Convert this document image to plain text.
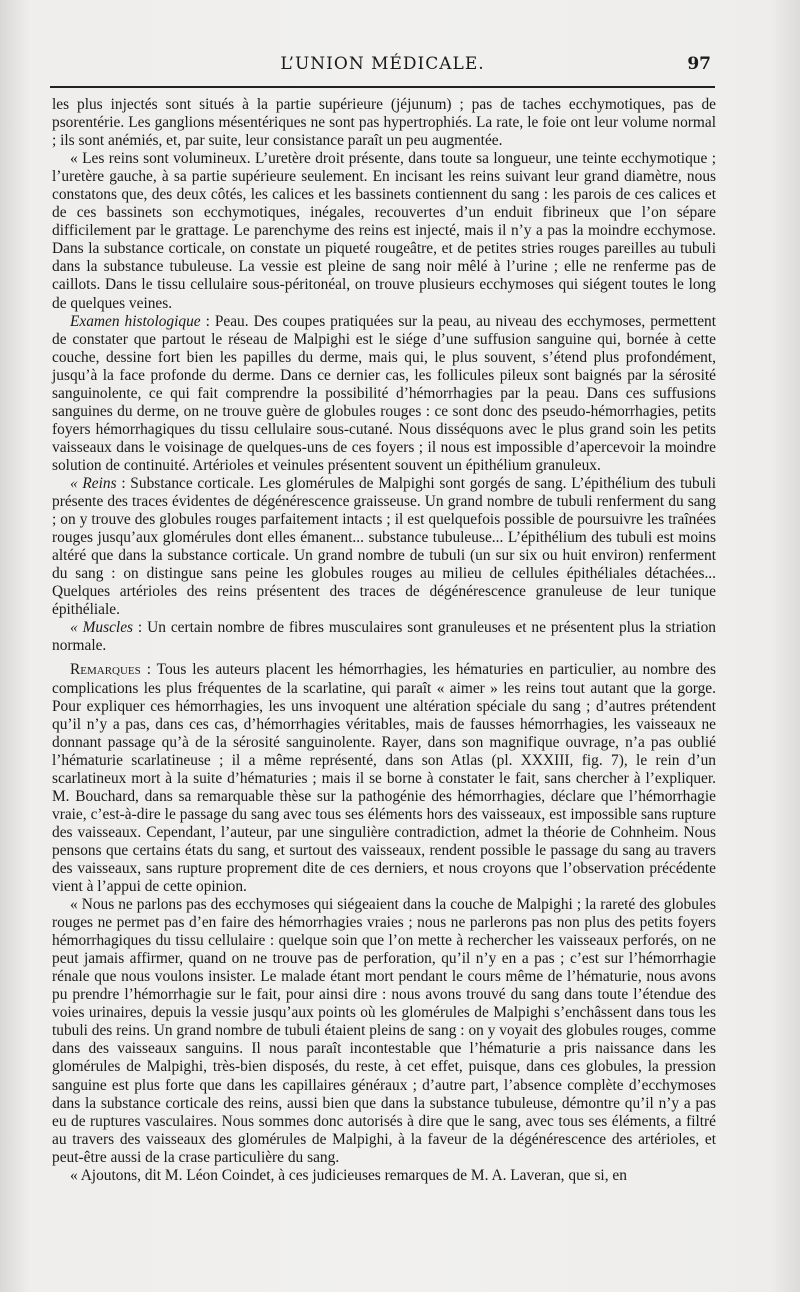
L’UNION MÉDICALE.	97

les plus injectés sont situés à la partie supérieure (jéjunum) ; pas de taches ecchymotiques, pas de psorentérie. Les ganglions mésentériques ne sont pas hypertrophiés. La rate, le foie ont leur volume normal ; ils sont anémiés, et, par suite, leur consistance paraît un peu augmentée.

« Les reins sont volumineux. L’uretère droit présente, dans toute sa longueur, une teinte ecchymotique ; l’uretère gauche, à sa partie supérieure seulement. En incisant les reins suivant leur grand diamètre, nous constatons que, des deux côtés, les calices et les bassinets contiennent du sang : les parois de ces calices et de ces bassinets son ecchymotiques, inégales, recouvertes d’un enduit fibrineux que l’on sépare difficilement par le grattage. Le parenchyme des reins est injecté, mais il n’y a pas la moindre ecchymose. Dans la substance corticale, on constate un piqueté rougeâtre, et de petites stries rouges pareilles au tubuli dans la substance tubuleuse. La vessie est pleine de sang noir mêlé à l’urine ; elle ne renferme pas de caillots. Dans le tissu cellulaire sous-péritonéal, on trouve plusieurs ecchymoses qui siégent toutes le long de quelques veines.

Examen histologique : Peau. Des coupes pratiquées sur la peau, au niveau des ecchymoses, permettent de constater que partout le réseau de Malpighi est le siége d’une suffusion sanguine qui, bornée à cette couche, dessine fort bien les papilles du derme, mais qui, le plus souvent, s’étend plus profondément, jusqu’à la face profonde du derme. Dans ce dernier cas, les follicules pileux sont baignés par la sérosité sanguinolente, ce qui fait comprendre la possibilité d’hémorrhagies par la peau. Dans ces suffusions sanguines du derme, on ne trouve guère de globules rouges : ce sont donc des pseudo-hémorrhagies, petits foyers hémorrhagiques du tissu cellulaire sous-cutané. Nous disséquons avec le plus grand soin les petits vaisseaux dans le voisinage de quelques-uns de ces foyers ; il nous est impossible d’apercevoir la moindre solution de continuité. Artérioles et veinules présentent souvent un épithélium granuleux.

« Reins : Substance corticale. Les glomérules de Malpighi sont gorgés de sang. L’épithélium des tubuli présente des traces évidentes de dégénérescence graisseuse. Un grand nombre de tubuli renferment du sang ; on y trouve des globules rouges parfaitement intacts ; il est quelquefois possible de poursuivre les traînées rouges jusqu’aux glomérules dont elles émanent... substance tubuleuse... L’épithélium des tubuli est moins altéré que dans la substance corticale. Un grand nombre de tubuli (un sur six ou huit environ) renferment du sang : on distingue sans peine les globules rouges au milieu de cellules épithéliales détachées... Quelques artérioles des reins présentent des traces de dégénérescence granuleuse de leur tunique épithéliale.

« Muscles : Un certain nombre de fibres musculaires sont granuleuses et ne présentent plus la striation normale.

Remarques : Tous les auteurs placent les hémorrhagies, les hématuries en particulier, au nombre des complications les plus fréquentes de la scarlatine, qui paraît « aimer » les reins tout autant que la gorge. Pour expliquer ces hémorrhagies, les uns invoquent une altération spéciale du sang ; d’autres prétendent qu’il n’y a pas, dans ces cas, d’hémorrhagies véritables, mais de fausses hémorrhagies, les vaisseaux ne donnant passage qu’à de la sérosité sanguinolente. Rayer, dans son magnifique ouvrage, n’a pas oublié l’hématurie scarlatineuse ; il a même représenté, dans son Atlas (pl. XXXIII, fig. 7), le rein d’un scarlatineux mort à la suite d’hématuries ; mais il se borne à constater le fait, sans chercher à l’expliquer. M. Bouchard, dans sa remarquable thèse sur la pathogénie des hémorrhagies, déclare que l’hémorrhagie vraie, c’est-à-dire le passage du sang avec tous ses éléments hors des vaisseaux, est impossible sans rupture des vaisseaux. Cependant, l’auteur, par une singulière contradiction, admet la théorie de Cohnheim. Nous pensons que certains états du sang, et surtout des vaisseaux, rendent possible le passage du sang au travers des vaisseaux, sans rupture proprement dite de ces derniers, et nous croyons que l’observation précédente vient à l’appui de cette opinion.

« Nous ne parlons pas des ecchymoses qui siégeaient dans la couche de Malpighi ; la rareté des globules rouges ne permet pas d’en faire des hémorrhagies vraies ; nous ne parlerons pas non plus des petits foyers hémorrhagiques du tissu cellulaire : quelque soin que l’on mette à rechercher les vaisseaux perforés, on ne peut jamais affirmer, quand on ne trouve pas de perforation, qu’il n’y en a pas ; c’est sur l’hémorrhagie rénale que nous voulons insister. Le malade étant mort pendant le cours même de l’hématurie, nous avons pu prendre l’hémorrhagie sur le fait, pour ainsi dire : nous avons trouvé du sang dans toute l’étendue des voies urinaires, depuis la vessie jusqu’aux points où les glomérules de Malpighi s’enchâssent dans tous les tubuli des reins. Un grand nombre de tubuli étaient pleins de sang : on y voyait des globules rouges, comme dans des vaisseaux sanguins. Il nous paraît incontestable que l’hématurie a pris naissance dans les glomérules de Malpighi, très-bien disposés, du reste, à cet effet, puisque, dans ces globules, la pression sanguine est plus forte que dans les capillaires généraux ; d’autre part, l’absence complète d’ecchymoses dans la substance corticale des reins, aussi bien que dans la substance tubuleuse, démontre qu’il n’y a pas eu de ruptures vasculaires. Nous sommes donc autorisés à dire que le sang, avec tous ses éléments, a filtré au travers des vaisseaux des glomérules de Malpighi, à la faveur de la dégénérescence des artérioles, et peut-être aussi de la crase particulière du sang.

« Ajoutons, dit M. Léon Coindet, à ces judicieuses remarques de M. A. Laveran, que si, en
